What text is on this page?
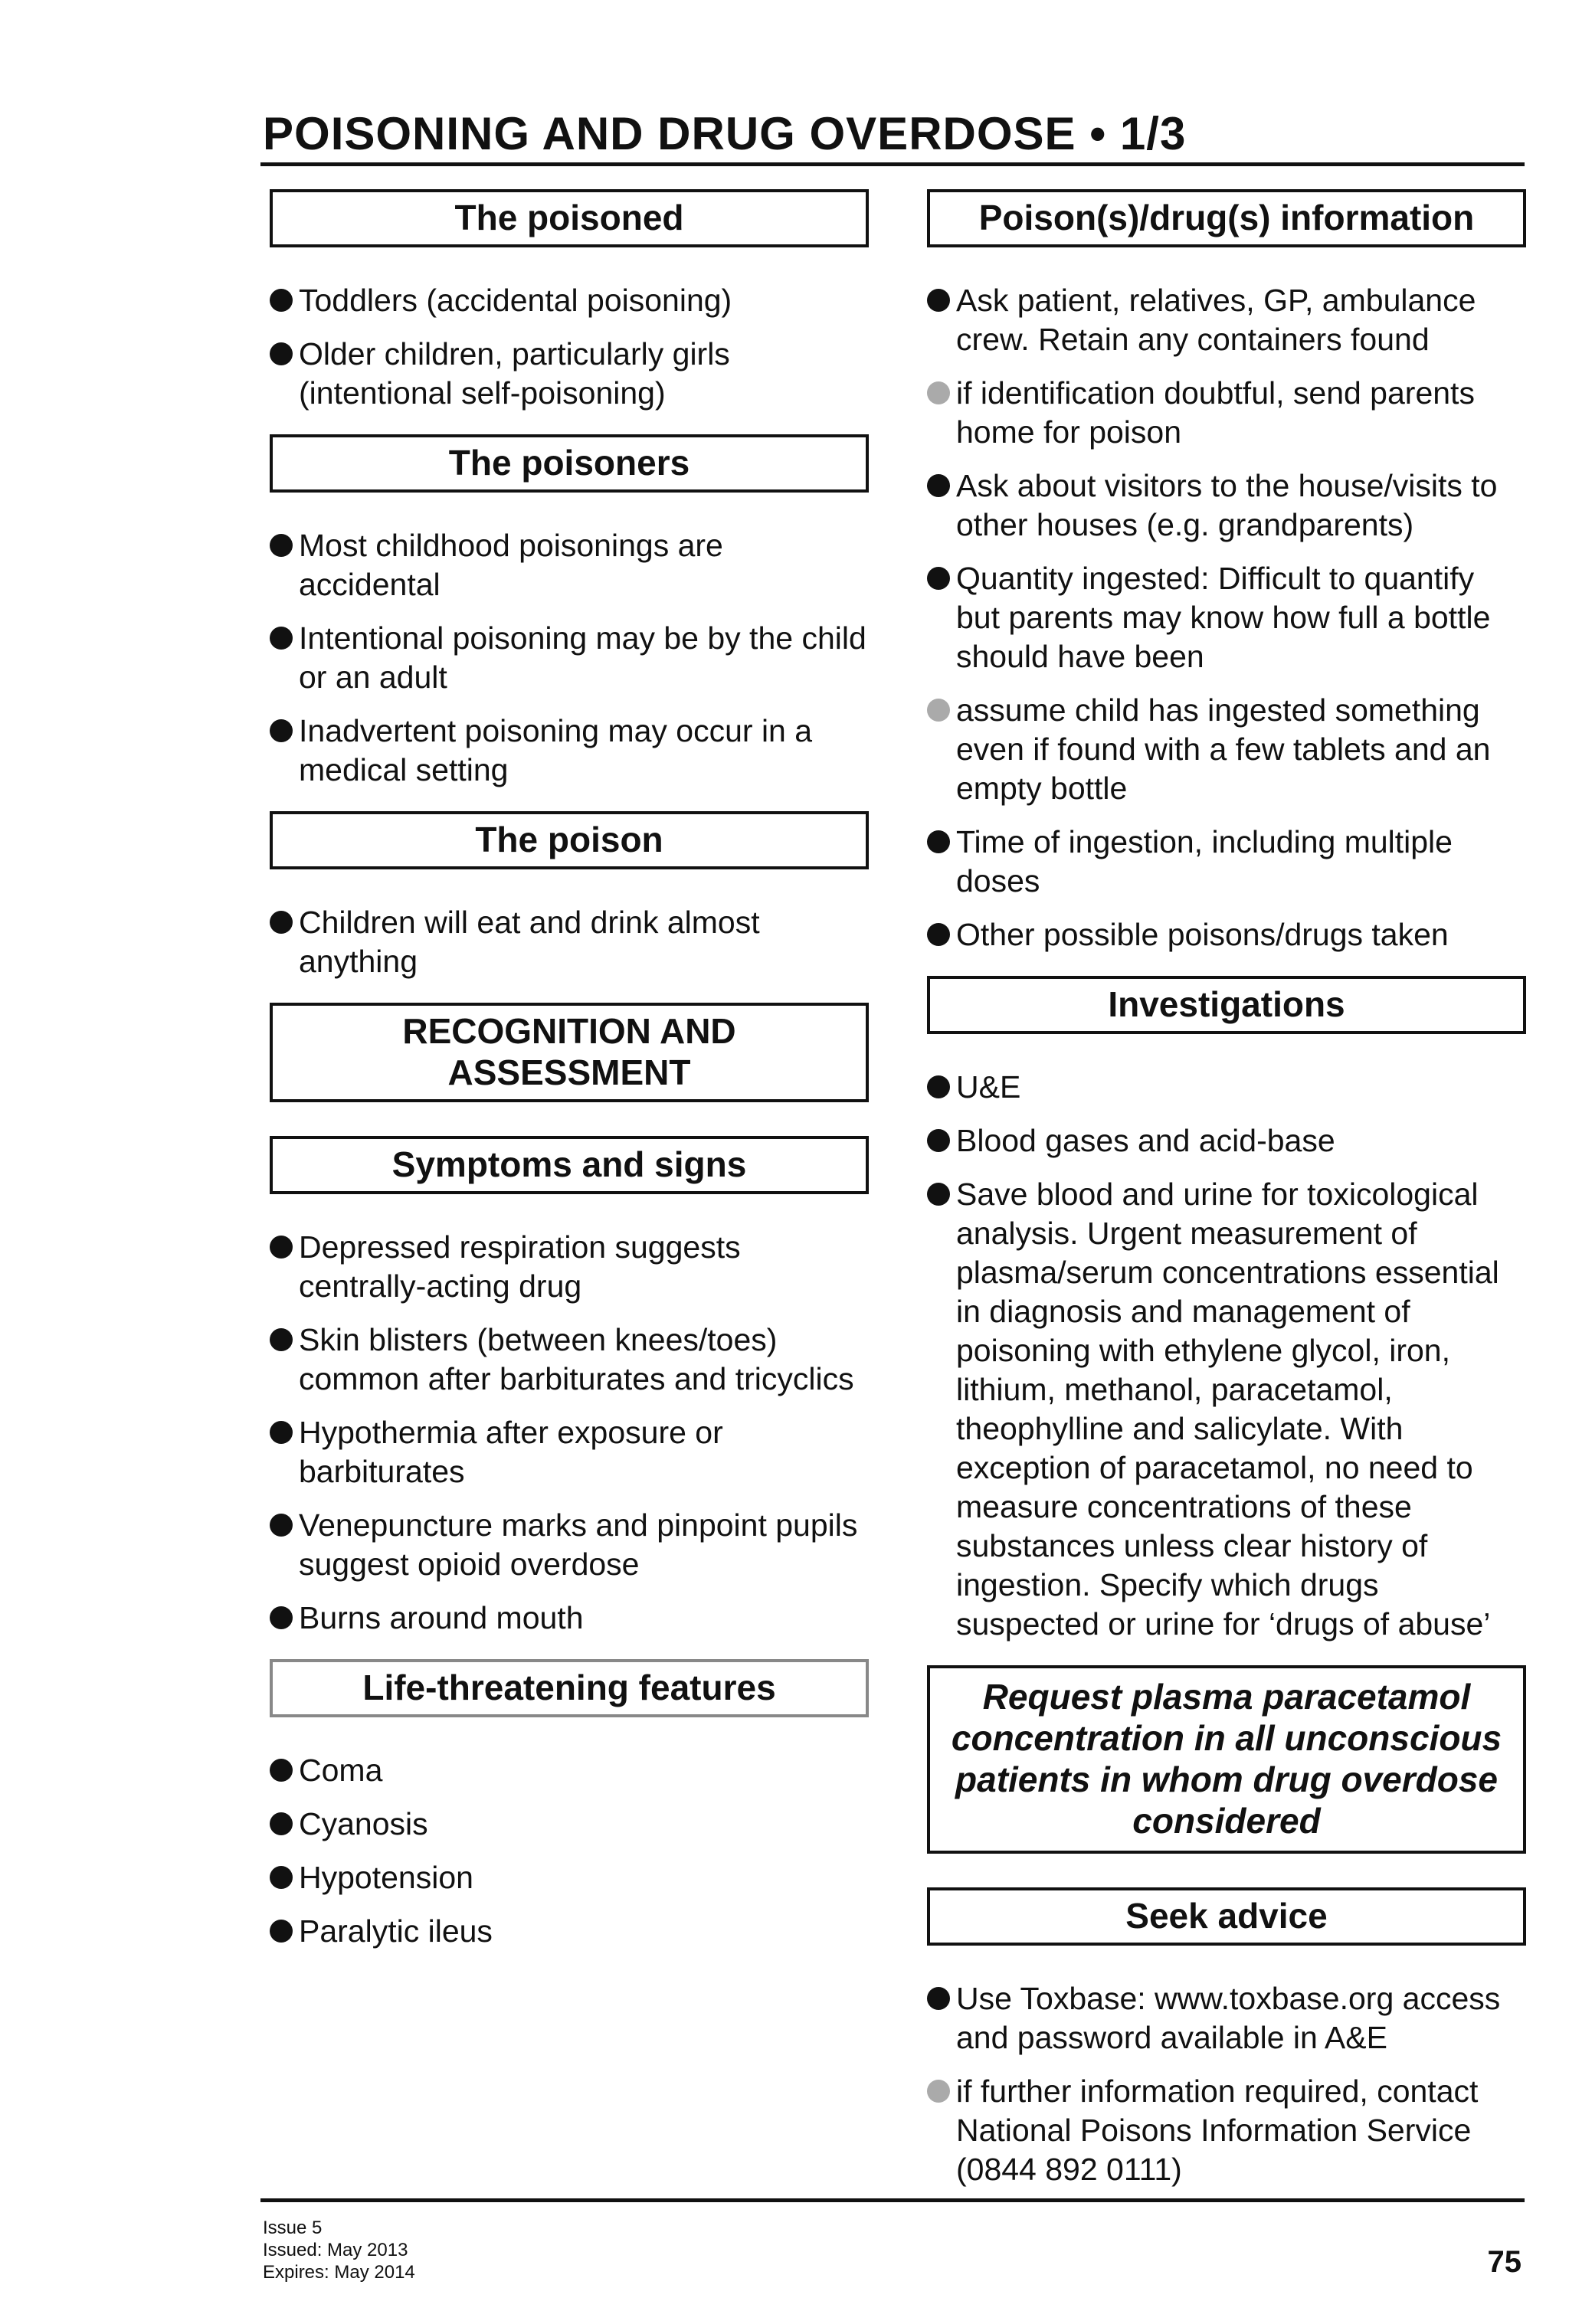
POISONING AND DRUG OVERDOSE • 1/3
The poisoned
Toddlers (accidental poisoning)
Older children, particularly girls (intentional self-poisoning)
The poisoners
Most childhood poisonings are accidental
Intentional poisoning may be by the child or an adult
Inadvertent poisoning may occur in a medical setting
The poison
Children will eat and drink almost anything
RECOGNITION AND ASSESSMENT
Symptoms and signs
Depressed respiration suggests centrally-acting drug
Skin blisters (between knees/toes) common after barbiturates and tricyclics
Hypothermia after exposure or barbiturates
Venepuncture marks and pinpoint pupils suggest opioid overdose
Burns around mouth
Life-threatening features
Coma
Cyanosis
Hypotension
Paralytic ileus
Poison(s)/drug(s) information
Ask patient, relatives, GP, ambulance crew. Retain any containers found
if identification doubtful, send parents home for poison
Ask about visitors to the house/visits to other houses (e.g. grandparents)
Quantity ingested: Difficult to quantify but parents may know how full a bottle should have been
assume child has ingested something even if found with a few tablets and an empty bottle
Time of ingestion, including multiple doses
Other possible poisons/drugs taken
Investigations
U&E
Blood gases and acid-base
Save blood and urine for toxicological analysis. Urgent measurement of plasma/serum concentrations essential in diagnosis and management of poisoning with ethylene glycol, iron, lithium, methanol, paracetamol, theophylline and salicylate. With exception of paracetamol, no need to measure concentrations of these substances unless clear history of ingestion. Specify which drugs suspected or urine for ‘drugs of abuse’
Request plasma paracetamol concentration in all unconscious patients in whom drug overdose considered
Seek advice
Use Toxbase: www.toxbase.org access and password available in A&E
if further information required, contact National Poisons Information Service (0844 892 0111)
Issue 5
Issued: May 2013
Expires: May 2014	75
